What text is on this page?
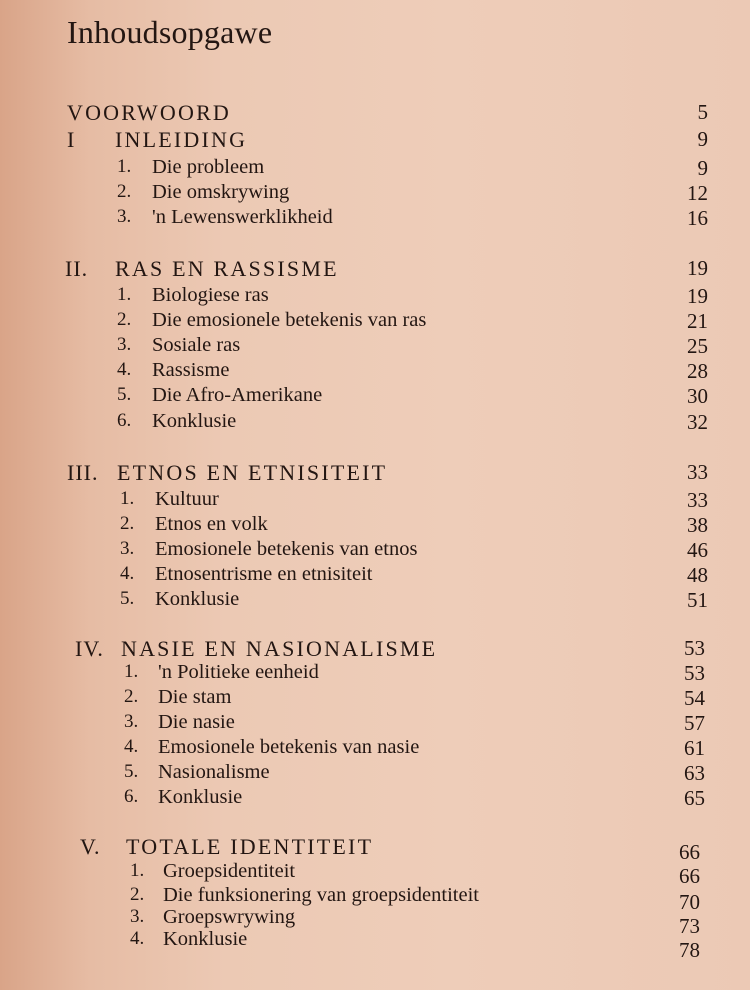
Inhoudsopgawe
VOORWOORD	5
I INLEIDING	9
1. Die probleem	9
2. Die omskrywing	12
3. 'n Lewenswerklikheid	16
II. RAS EN RASSISME	19
1. Biologiese ras	19
2. Die emosionele betekenis van ras	21
3. Sosiale ras	25
4. Rassisme	28
5. Die Afro-Amerikane	30
6. Konklusie	32
III. ETNOS EN ETNISITEIT	33
1. Kultuur	33
2. Etnos en volk	38
3. Emosionele betekenis van etnos	46
4. Etnosentrisme en etnisiteit	48
5. Konklusie	51
IV. NASIE EN NASIONALISME	53
1. 'n Politieke eenheid	53
2. Die stam	54
3. Die nasie	57
4. Emosionele betekenis van nasie	61
5. Nasionalisme	63
6. Konklusie	65
V. TOTALE IDENTITEIT	66
1. Groepsidentiteit	66
2. Die funksionering van groepsidentiteit	70
3. Groepswrywing	73
4. Konklusie	78
